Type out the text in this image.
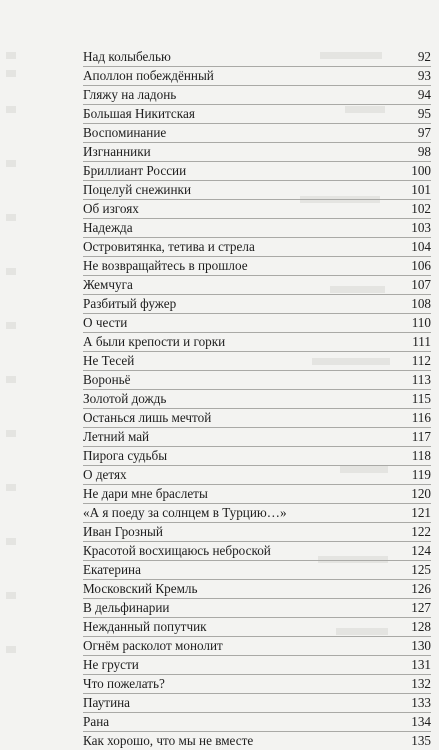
Над колыбелью	92
Аполлон побеждённый	93
Гляжу на ладонь	94
Большая Никитская	95
Воспоминание	97
Изгнанники	98
Бриллиант России	100
Поцелуй снежинки	101
Об изгоях	102
Надежда	103
Островитянка, тетива и стрела	104
Не возвращайтесь в прошлое	106
Жемчуга	107
Разбитый фужер	108
О чести	110
А были крепости и горки	111
Не Тесей	112
Вороньё	113
Золотой дождь	115
Останься лишь мечтой	116
Летний май	117
Пирога судьбы	118
О детях	119
Не дари мне браслеты	120
«А я поеду за солнцем в Турцию…»	121
Иван Грозный	122
Красотой восхищаюсь неброской	124
Екатерина	125
Московский Кремль	126
В дельфинарии	127
Нежданный попутчик	128
Огнём расколот монолит	130
Не грусти	131
Что пожелать?	132
Паутина	133
Рана	134
Как хорошо, что мы не вместе	135
